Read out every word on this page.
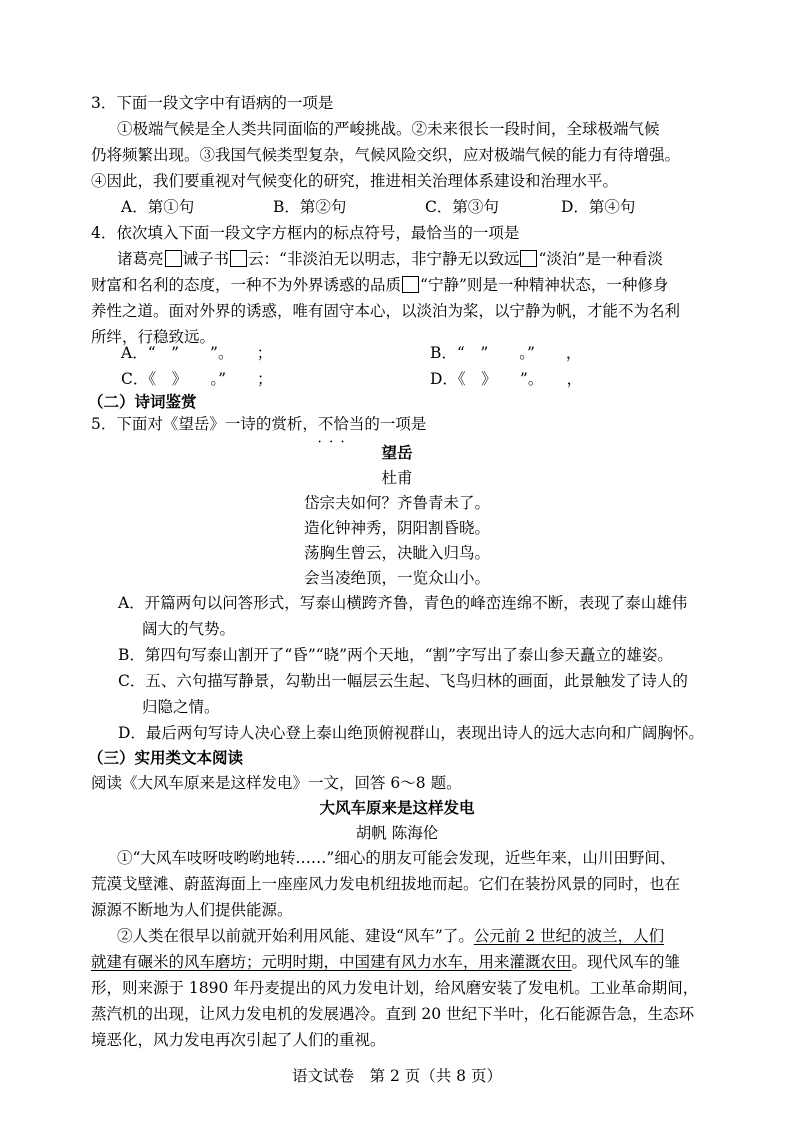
3．下面一段文字中有语病的一项是
①极端气候是全人类共同面临的严峻挑战。②未来很长一段时间，全球极端气候
仍将频繁出现。③我国气候类型复杂，气候风险交织，应对极端气候的能力有待增强。
④因此，我们要重视对气候变化的研究，推进相关治理体系建设和治理水平。
A．第①句	B．第②句	C．第③句	D．第④句
4．依次填入下面一段文字方框内的标点符号，最恰当的一项是
诸葛亮 诫子书 云：“非淡泊无以明志，非宁静无以致远 “淡泊”是一种看淡
财富和名利的态度，一种不为外界诱惑的品质 “宁静”则是一种精神状态，一种修身
养性之道。面对外界的诱惑，唯有固守本心，以淡泊为桨，以宁静为帆，才能不为名利
所绊，行稳致远。
A．“　”　　”。　　；	B．“　”　　。”　　，
C．《　》　　。”　　；	D．《　》　　”。　　，
（二）诗词鉴赏
5．下面对《望岳》一诗的赏析，不恰当 • • •的一项是
望岳
杜甫
岱宗夫如何？齐鲁青未了。
造化钟神秀，阴阳割昏晓。
荡胸生曾云，决眦入归鸟。
会当凌绝顶，一览众山小。
A．开篇两句以问答形式，写泰山横跨齐鲁，青色的峰峦连绵不断，表现了泰山雄伟
阔大的气势。
B．第四句写泰山割开了“昏”“晓”两个天地，“割”字写出了泰山参天矗立的雄姿。
C．五、六句描写静景，勾勒出一幅层云生起、飞鸟归林的画面，此景触发了诗人的
归隐之情。
D．最后两句写诗人决心登上泰山绝顶俯视群山，表现出诗人的远大志向和广阔胸怀。
（三）实用类文本阅读
阅读《大风车原来是这样发电》一文，回答 6～8 题。
大风车原来是这样发电
胡帆 陈海伦
①“大风车吱呀吱哟哟地转……”细心的朋友可能会发现，近些年来，山川田野间、
荒漠戈壁滩、蔚蓝海面上一座座风力发电机纽拔地而起。它们在装扮风景的同时，也在
源源不断地为人们提供能源。
②人类在很早以前就开始利用风能、建设“风车”了。公元前 2 世纪的波兰，人们
就建有碾米的风车磨坊；元明时期，中国建有风力水车，用来灌溉农田。现代风车的雏
形，则来源于 1890 年丹麦提出的风力发电计划，给风磨安装了发电机。工业革命期间，
蒸汽机的出现，让风力发电机的发展遇冷。直到 20 世纪下半叶，化石能源告急，生态环
境恶化，风力发电再次引起了人们的重视。
语文试卷　第 2 页（共 8 页）
